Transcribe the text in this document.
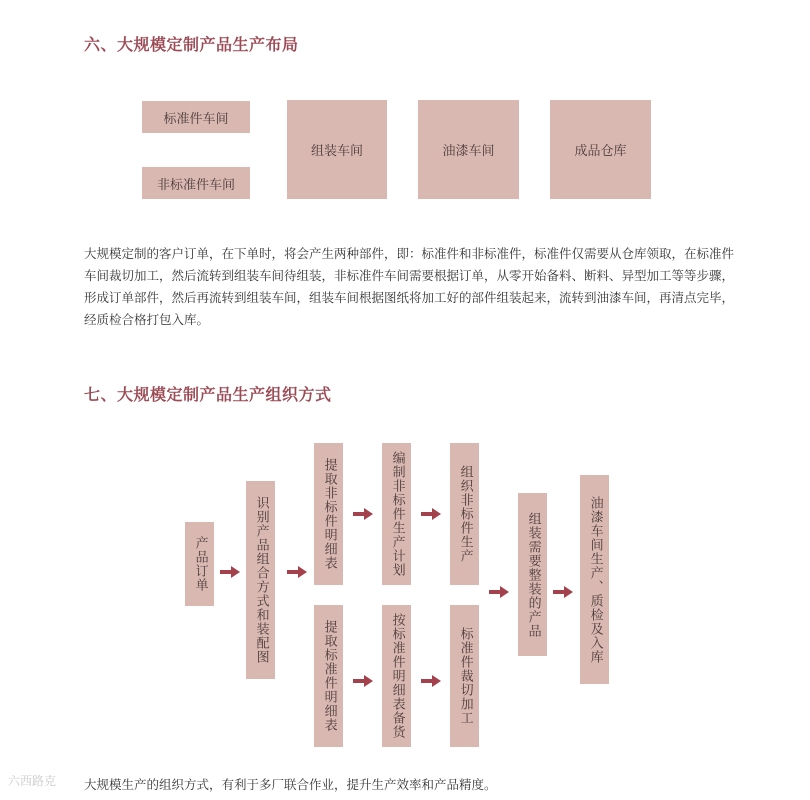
六、大规模定制产品生产布局
标准件车间
非标准件车间
组装车间	油漆车间	成品仓库

大规模定制的客户订单，在下单时，将会产生两种部件，即：标准件和非标准件，标准件仅需要从仓库领取，在标准件车间裁切加工，然后流转到组装车间待组装，非标准件车间需要根据订单，从零开始备料、断料、异型加工等等步骤，形成订单部件，然后再流转到组装车间，组装车间根据图纸将加工好的部件组装起来，流转到油漆车间，再清点完毕，经质检合格打包入库。

七、大规模定制产品生产组织方式
产品订单	识别产品组合方式和装配图	提取非标件明细表	编制非标件生产计划	组织非标件生产
提取标准件明细表	按标准件明细表备货	标准件裁切加工
组装需要整装的产品	油漆车间生产、质检及入库

大规模生产的组织方式，有利于多厂联合作业，提升生产效率和产品精度。

六西路克
